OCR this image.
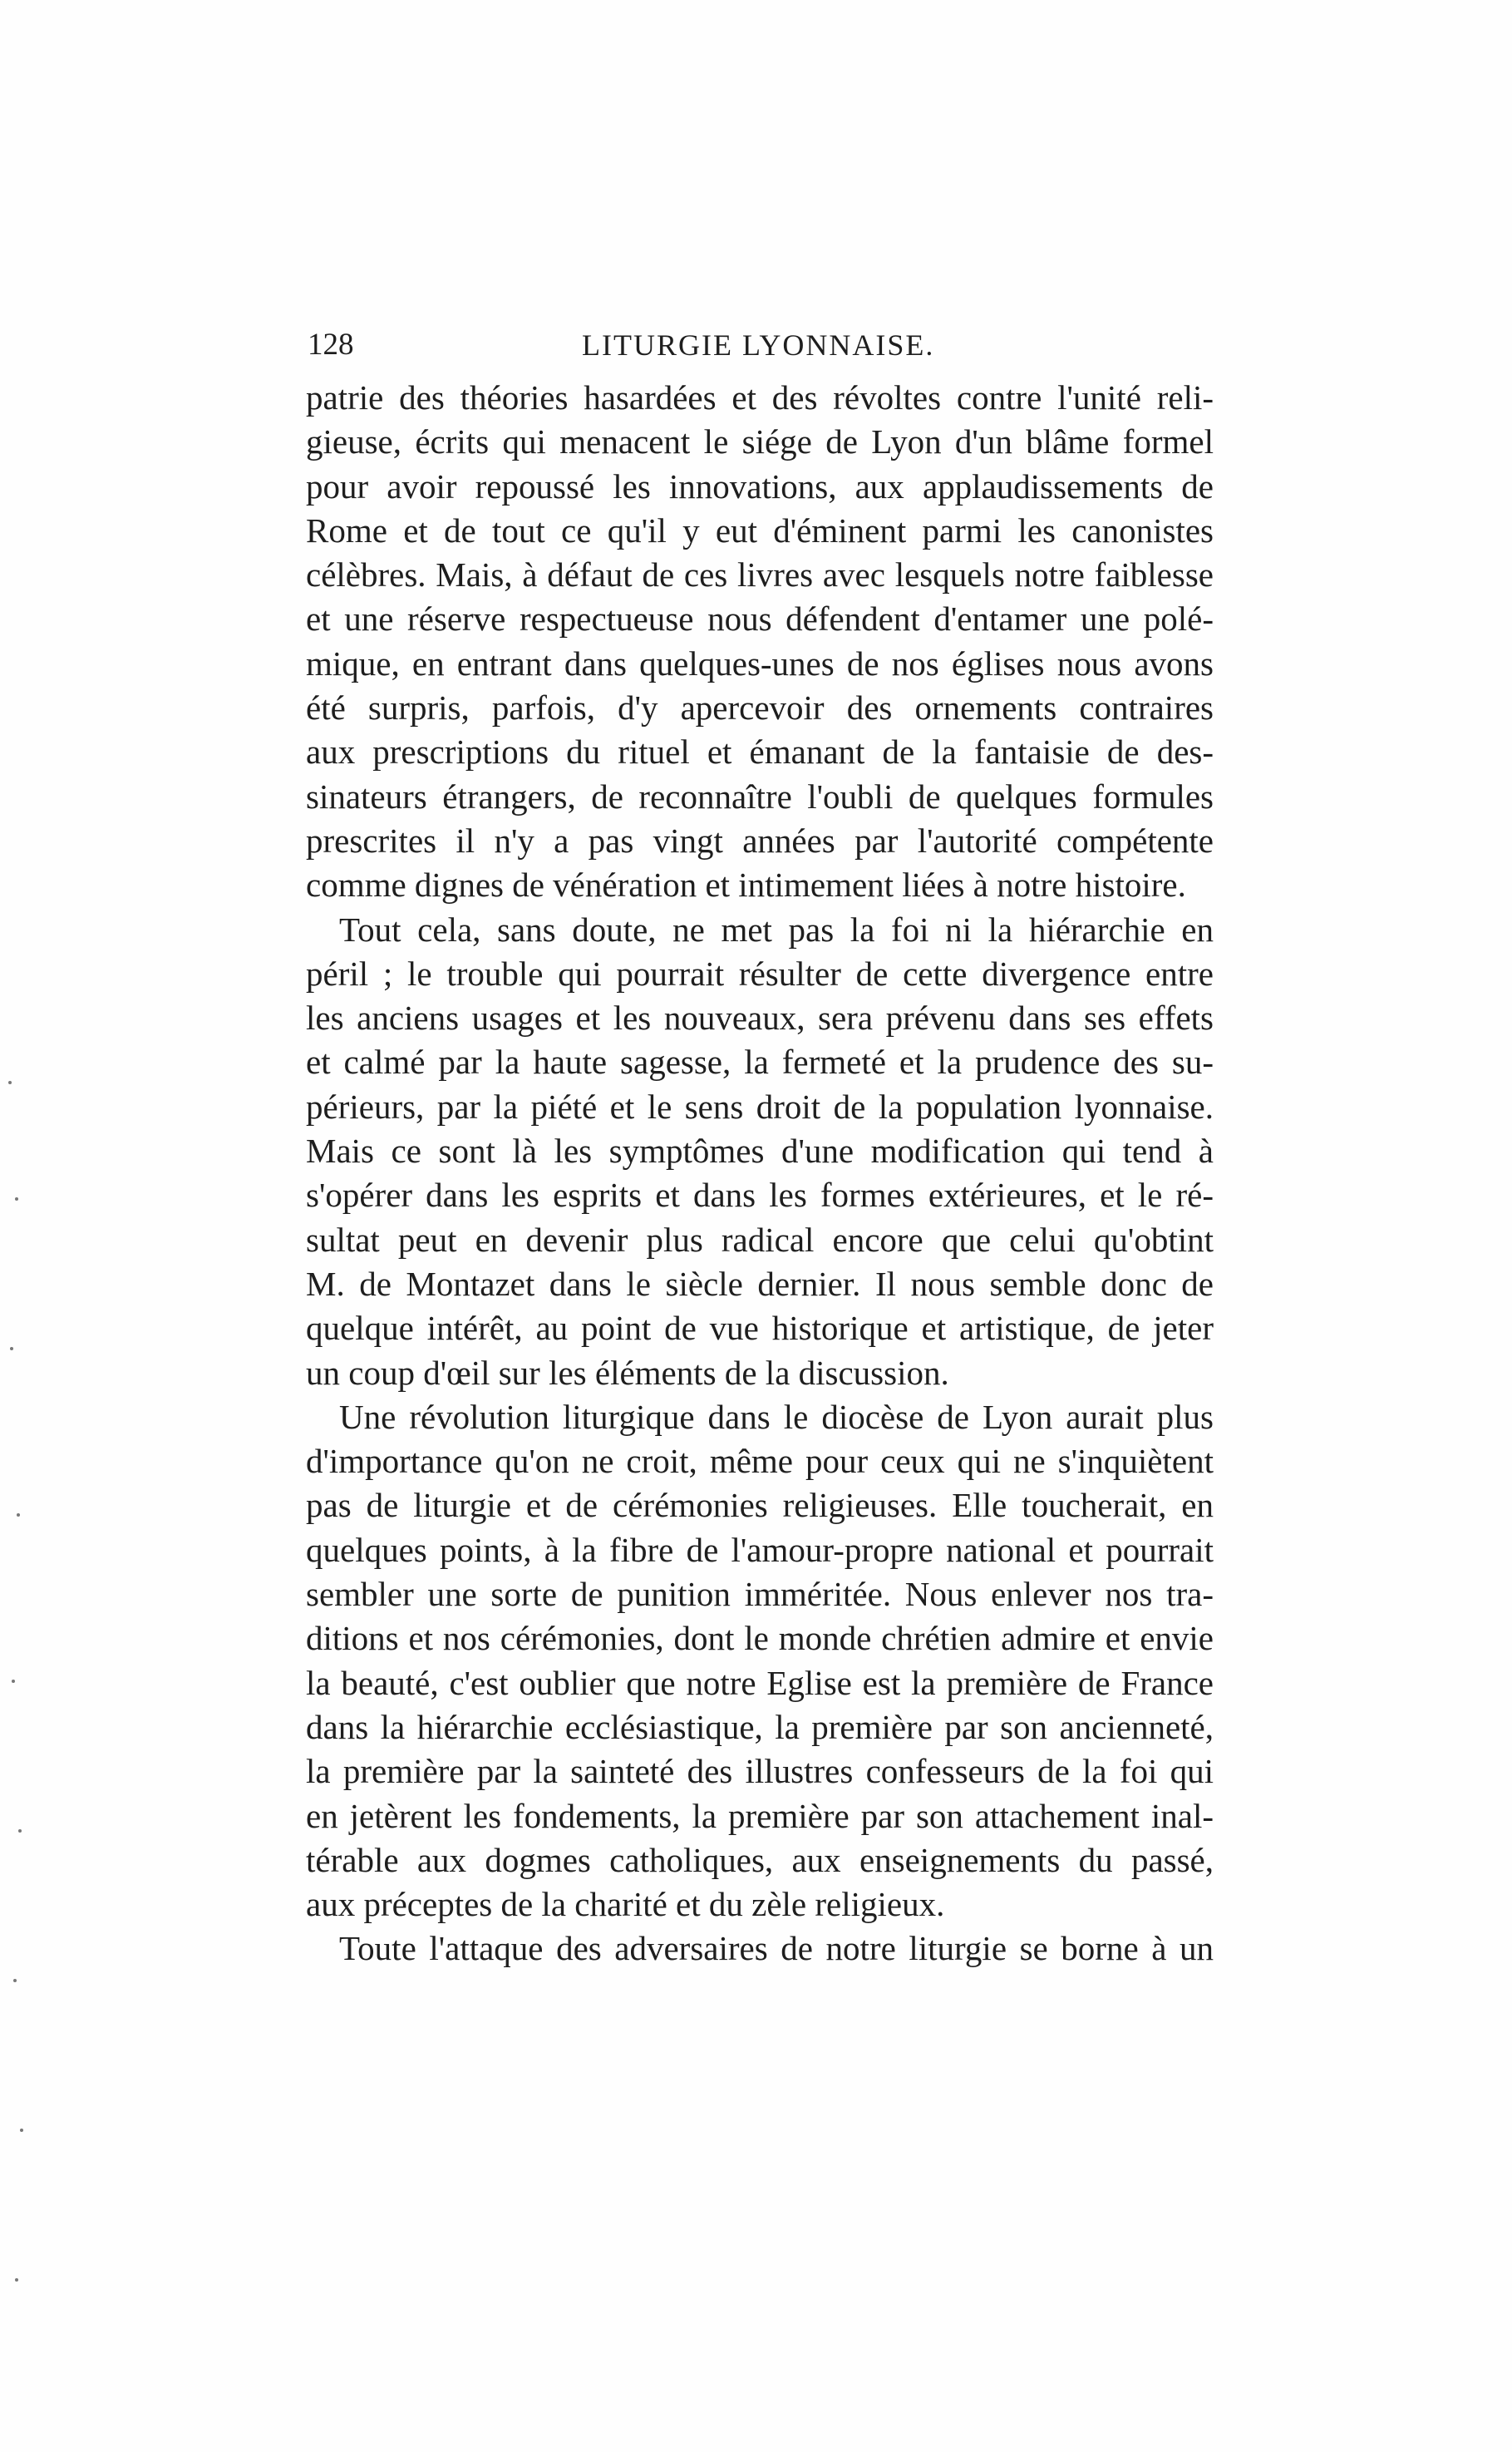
128	LITURGIE LYONNAISE.
patrie des théories hasardées et des révoltes contre l'unité reli-
gieuse, écrits qui menacent le siége de Lyon d'un blâme formel
pour avoir repoussé les innovations, aux applaudissements de
Rome et de tout ce qu'il y eut d'éminent parmi les canonistes
célèbres. Mais, à défaut de ces livres avec lesquels notre faiblesse
et une réserve respectueuse nous défendent d'entamer une polé-
mique, en entrant dans quelques-unes de nos églises nous avons
été surpris, parfois, d'y apercevoir des ornements contraires
aux prescriptions du rituel et émanant de la fantaisie de des-
sinateurs étrangers, de reconnaître l'oubli de quelques formules
prescrites il n'y a pas vingt années par l'autorité compétente
comme dignes de vénération et intimement liées à notre histoire.
Tout cela, sans doute, ne met pas la foi ni la hiérarchie en
péril ; le trouble qui pourrait résulter de cette divergence entre
les anciens usages et les nouveaux, sera prévenu dans ses effets
et calmé par la haute sagesse, la fermeté et la prudence des su-
périeurs, par la piété et le sens droit de la population lyonnaise.
Mais ce sont là les symptômes d'une modification qui tend à
s'opérer dans les esprits et dans les formes extérieures, et le ré-
sultat peut en devenir plus radical encore que celui qu'obtint
M. de Montazet dans le siècle dernier. Il nous semble donc de
quelque intérêt, au point de vue historique et artistique, de jeter
un coup d'œil sur les éléments de la discussion.
Une révolution liturgique dans le diocèse de Lyon aurait plus
d'importance qu'on ne croit, même pour ceux qui ne s'inquiètent
pas de liturgie et de cérémonies religieuses. Elle toucherait, en
quelques points, à la fibre de l'amour-propre national et pourrait
sembler une sorte de punition imméritée. Nous enlever nos tra-
ditions et nos cérémonies, dont le monde chrétien admire et envie
la beauté, c'est oublier que notre Eglise est la première de France
dans la hiérarchie ecclésiastique, la première par son ancienneté,
la première par la sainteté des illustres confesseurs de la foi qui
en jetèrent les fondements, la première par son attachement inal-
térable aux dogmes catholiques, aux enseignements du passé,
aux préceptes de la charité et du zèle religieux.
Toute l'attaque des adversaires de notre liturgie se borne à un
